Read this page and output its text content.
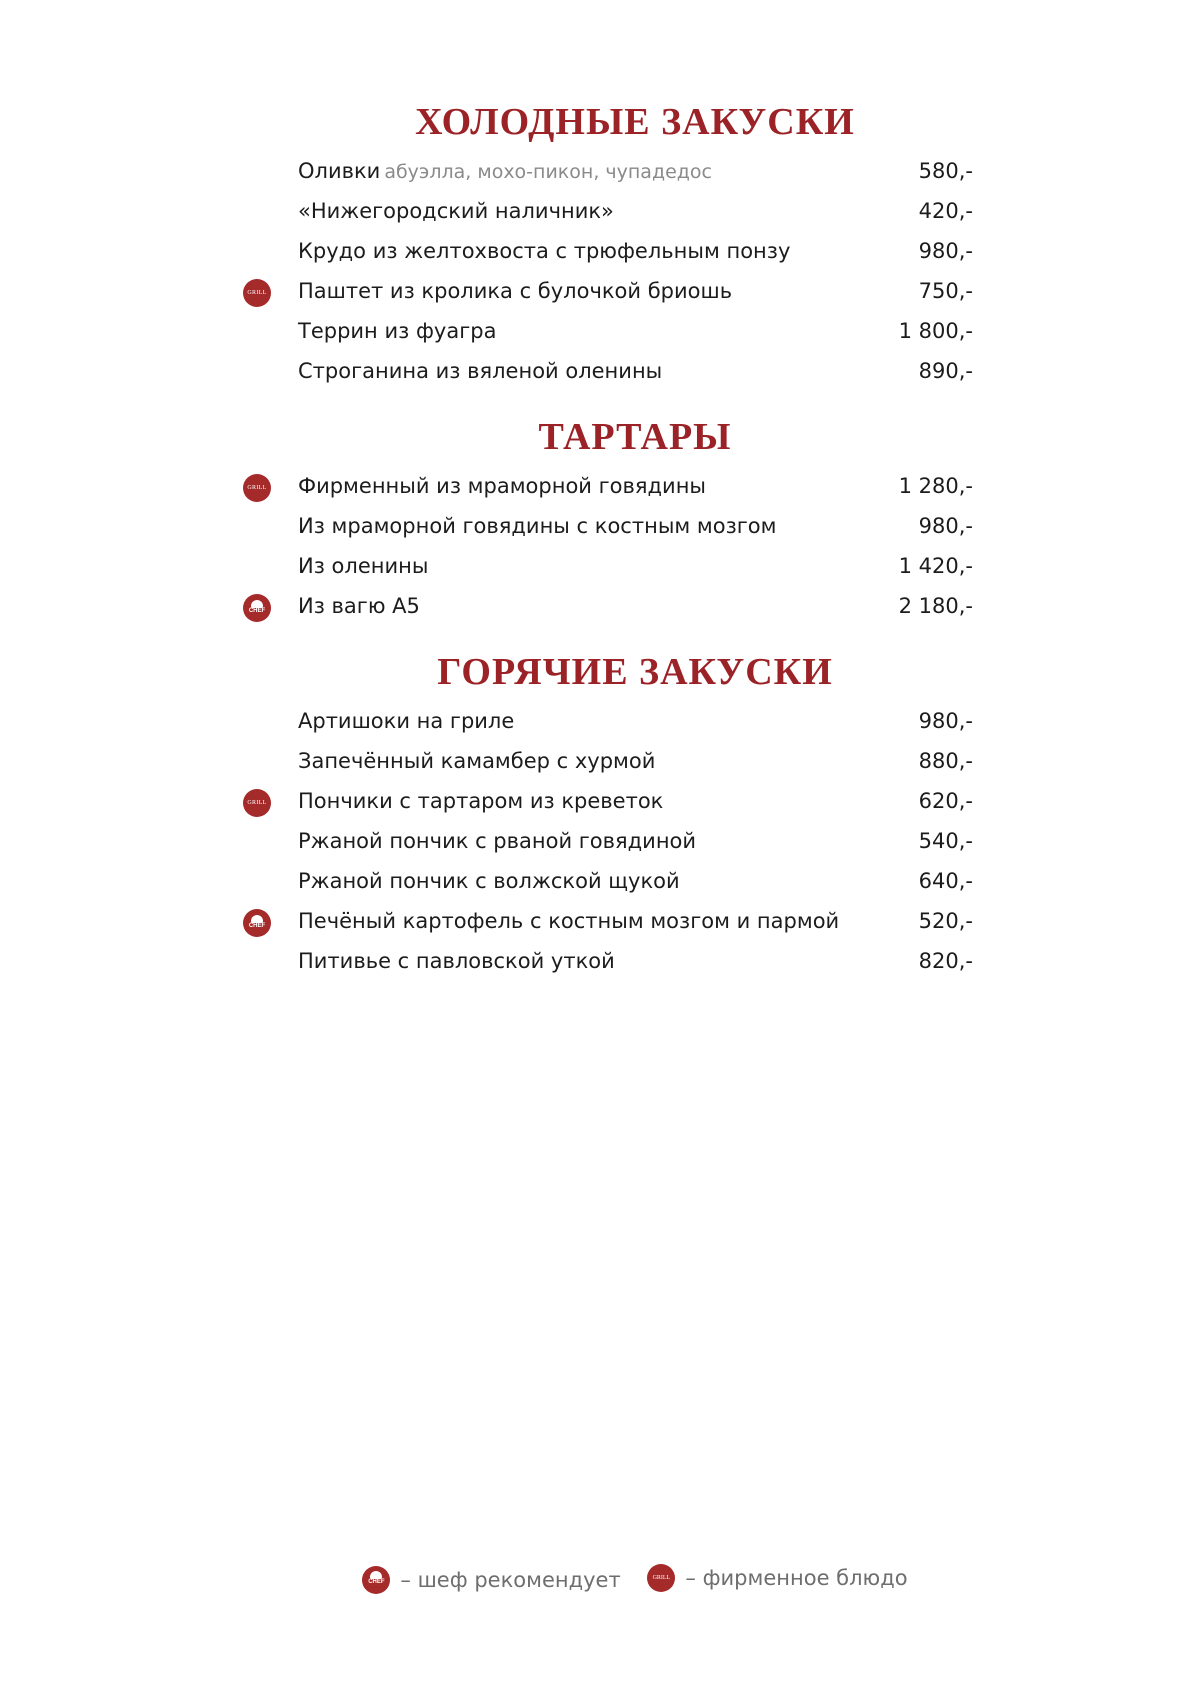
ХОЛОДНЫЕ ЗАКУСКИ
Оливки абуэлла, мохо-пикон, чупадедос	580,-
«Нижегородский наличник»	420,-
Крудо из желтохвоста с трюфельным понзу	980,-
GRILL Паштет из кролика с булочкой бриошь	750,-
Террин из фуагра	1 800,-
Строганина из вяленой оленины	890,-
ТАРТАРЫ
GRILL Фирменный из мраморной говядины	1 280,-
Из мраморной говядины с костным мозгом	980,-
Из оленины	1 420,-
CHEF Из вагю А5	2 180,-
ГОРЯЧИЕ ЗАКУСКИ
Артишоки на гриле	980,-
Запечённый камамбер с хурмой	880,-
GRILL Пончики с тартаром из креветок	620,-
Ржаной пончик с рваной говядиной	540,-
Ржаной пончик с волжской щукой	640,-
CHEF Печёный картофель с костным мозгом и пармой	520,-
Питивье с павловской уткой	820,-
CHEF – шеф рекомендует
	GRILL – фирменное блюдо
